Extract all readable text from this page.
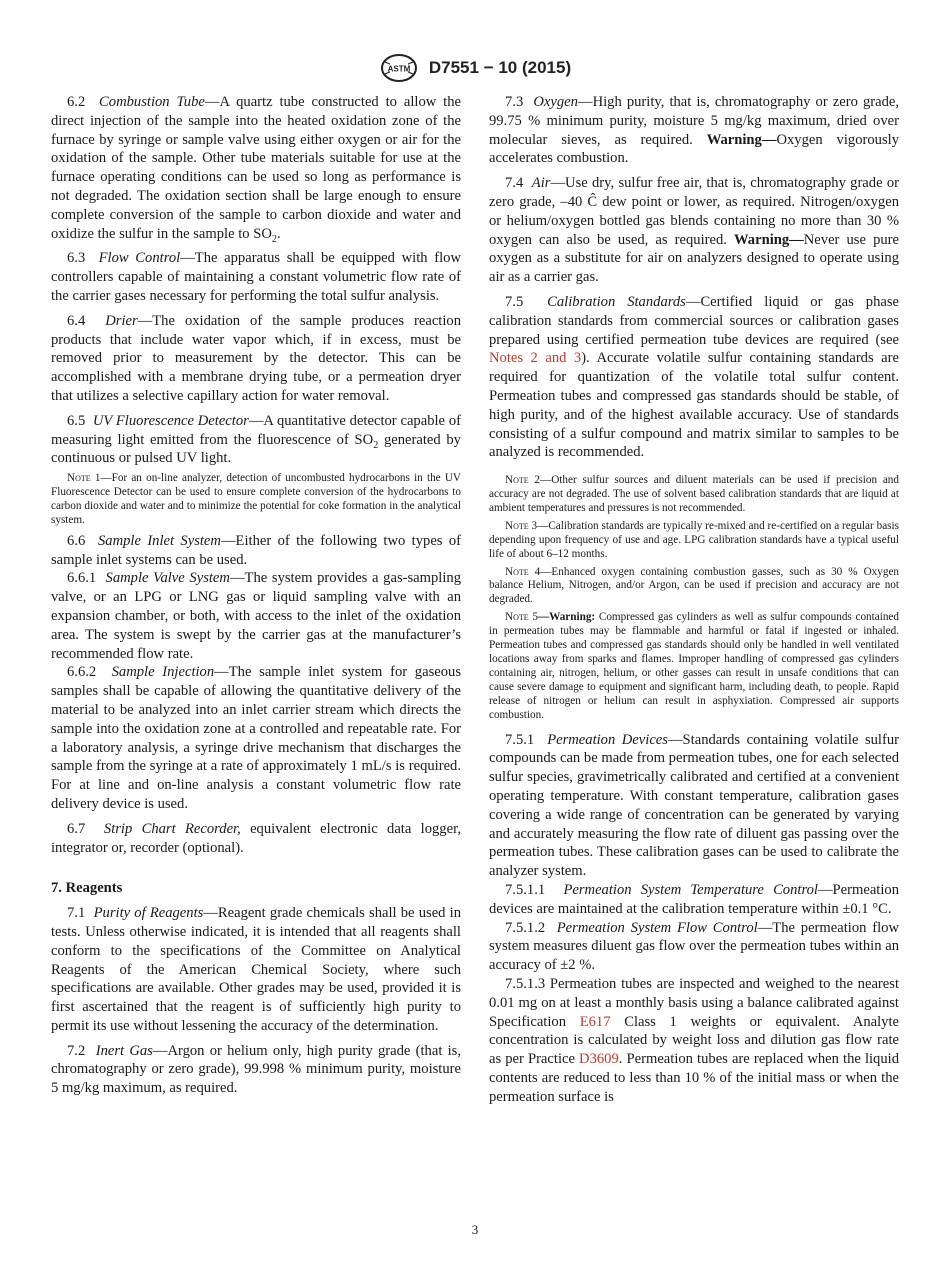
ASTM D7551 − 10 (2015)

6.2 Combustion Tube—A quartz tube constructed to allow the direct injection of the sample into the heated oxidation zone of the furnace by syringe or sample valve using either oxygen or air for the oxidation of the sample. Other tube materials suitable for use at the furnace operating conditions can be used so long as performance is not degraded. The oxidation section shall be large enough to ensure complete conversion of the sample to carbon dioxide and water and oxidize the sulfur in the sample to $SO_2$.

6.3 Flow Control—The apparatus shall be equipped with flow controllers capable of maintaining a constant volumetric flow rate of the carrier gases necessary for performing the total sulfur analysis.

6.4 Drier—The oxidation of the sample produces reaction products that include water vapor which, if in excess, must be removed prior to measurement by the detector. This can be accomplished with a membrane drying tube, or a permeation dryer that utilizes a selective capillary action for water removal.

6.5 UV Fluorescence Detector—A quantitative detector capable of measuring light emitted from the fluorescence of $SO_2$ generated by continuous or pulsed UV light.

Note 1—For an on-line analyzer, detection of uncombusted hydrocarbons in the UV Fluorescence Detector can be used to ensure complete conversion of the hydrocarbons to carbon dioxide and water and to minimize the potential for coke formation in the analytical system.

6.6 Sample Inlet System—Either of the following two types of sample inlet systems can be used.

6.6.1 Sample Valve System—The system provides a gas-sampling valve, or an LPG or LNG gas or liquid sampling valve with an expansion chamber, or both, with access to the inlet of the oxidation area. The system is swept by the carrier gas at the manufacturer’s recommended flow rate.

6.6.2 Sample Injection—The sample inlet system for gaseous samples shall be capable of allowing the quantitative delivery of the material to be analyzed into an inlet carrier stream which directs the sample into the oxidation zone at a controlled and repeatable rate. For a laboratory analysis, a syringe drive mechanism that discharges the sample from the syringe at a rate of approximately 1 mL/s is required. For at line and on-line analysis a constant volumetric flow rate delivery device is used.

6.7 Strip Chart Recorder, equivalent electronic data logger, integrator or, recorder (optional).

7. Reagents

7.1 Purity of Reagents—Reagent grade chemicals shall be used in tests. Unless otherwise indicated, it is intended that all reagents shall conform to the specifications of the Committee on Analytical Reagents of the American Chemical Society, where such specifications are available. Other grades may be used, provided it is first ascertained that the reagent is of sufficiently high purity to permit its use without lessening the accuracy of the determination.

7.2 Inert Gas—Argon or helium only, high purity grade (that is, chromatography or zero grade), 99.998 % minimum purity, moisture 5 mg/kg maximum, as required.

7.3 Oxygen—High purity, that is, chromatography or zero grade, 99.75 % minimum purity, moisture 5 mg/kg maximum, dried over molecular sieves, as required. Warning—Oxygen vigorously accelerates combustion.

7.4 Air—Use dry, sulfur free air, that is, chromatography grade or zero grade, –40 Ĉ dew point or lower, as required. Nitrogen/oxygen or helium/oxygen bottled gas blends containing no more than 30 % oxygen can also be used, as required. Warning—Never use pure oxygen as a substitute for air on analyzers designed to operate using air as a carrier gas.

7.5 Calibration Standards—Certified liquid or gas phase calibration standards from commercial sources or calibration gases prepared using certified permeation tube devices are required (see Notes 2 and 3). Accurate volatile sulfur containing standards are required for quantization of the volatile total sulfur content. Permeation tubes and compressed gas standards should be stable, of high purity, and of the highest available accuracy. Use of standards consisting of a sulfur compound and matrix similar to samples to be analyzed is recommended.

Note 2—Other sulfur sources and diluent materials can be used if precision and accuracy are not degraded. The use of solvent based calibration standards that are liquid at ambient temperatures and pressures is not recommended.
Note 3—Calibration standards are typically re-mixed and re-certified on a regular basis depending upon frequency of use and age. LPG calibration standards have a typical useful life of about 6–12 months.
Note 4—Enhanced oxygen containing combustion gasses, such as 30 % Oxygen balance Helium, Nitrogen, and/or Argon, can be used if precision and accuracy are not degraded.
Note 5—Warning: Compressed gas cylinders as well as sulfur compounds contained in permeation tubes may be flammable and harmful or fatal if ingested or inhaled. Permeation tubes and compressed gas standards should only be handled in well ventilated locations away from sparks and flames. Improper handling of compressed gas cylinders containing air, nitrogen, helium, or other gasses can result in unsafe conditions that can cause severe damage to equipment and significant harm, including death, to people. Rapid release of nitrogen or helium can result in asphyxiation. Compressed air supports combustion.

7.5.1 Permeation Devices—Standards containing volatile sulfur compounds can be made from permeation tubes, one for each selected sulfur species, gravimetrically calibrated and certified at a convenient operating temperature. With constant temperature, calibration gases covering a wide range of concentration can be generated by varying and accurately measuring the flow rate of diluent gas passing over the permeation tubes. These calibration gases can be used to calibrate the analyzer system.

7.5.1.1 Permeation System Temperature Control—Permeation devices are maintained at the calibration temperature within ±0.1 °C.

7.5.1.2 Permeation System Flow Control—The permeation flow system measures diluent gas flow over the permeation tubes within an accuracy of ±2 %.

7.5.1.3 Permeation tubes are inspected and weighed to the nearest 0.01 mg on at least a monthly basis using a balance calibrated against Specification E617 Class 1 weights or equivalent. Analyte concentration is calculated by weight loss and dilution gas flow rate as per Practice D3609. Permeation tubes are replaced when the liquid contents are reduced to less than 10 % of the initial mass or when the permeation surface is

3
